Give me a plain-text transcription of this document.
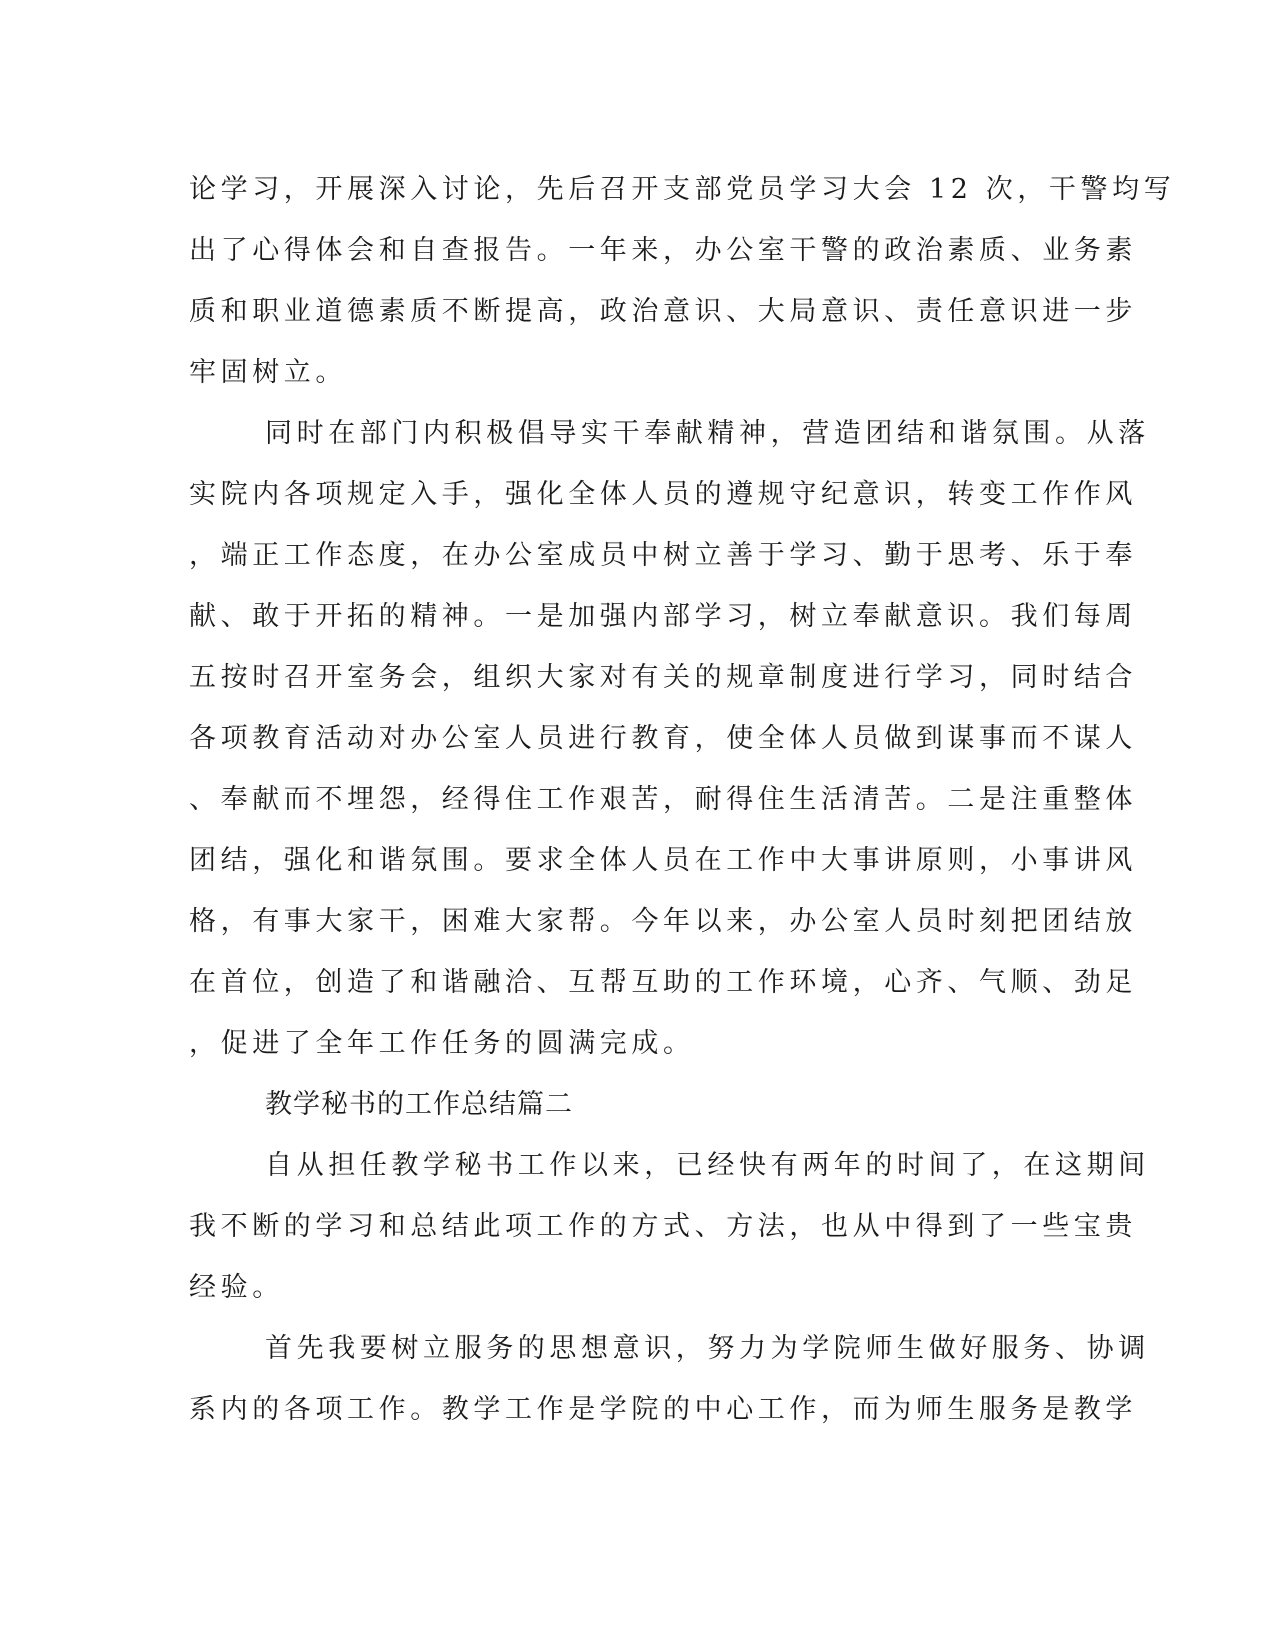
论学习，开展深入讨论，先后召开支部党员学习大会 12 次，干警均写
出了心得体会和自查报告。一年来，办公室干警的政治素质、业务素
质和职业道德素质不断提高，政治意识、大局意识、责任意识进一步
牢固树立。
同时在部门内积极倡导实干奉献精神，营造团结和谐氛围。从落
实院内各项规定入手，强化全体人员的遵规守纪意识，转变工作作风
，端正工作态度，在办公室成员中树立善于学习、勤于思考、乐于奉
献、敢于开拓的精神。一是加强内部学习，树立奉献意识。我们每周
五按时召开室务会，组织大家对有关的规章制度进行学习，同时结合
各项教育活动对办公室人员进行教育，使全体人员做到谋事而不谋人
、奉献而不埋怨，经得住工作艰苦，耐得住生活清苦。二是注重整体
团结，强化和谐氛围。要求全体人员在工作中大事讲原则，小事讲风
格，有事大家干，困难大家帮。今年以来，办公室人员时刻把团结放
在首位，创造了和谐融洽、互帮互助的工作环境，心齐、气顺、劲足
，促进了全年工作任务的圆满完成。
教学秘书的工作总结篇二
自从担任教学秘书工作以来，已经快有两年的时间了，在这期间
我不断的学习和总结此项工作的方式、方法，也从中得到了一些宝贵
经验。
首先我要树立服务的思想意识，努力为学院师生做好服务、协调
系内的各项工作。教学工作是学院的中心工作，而为师生服务是教学
